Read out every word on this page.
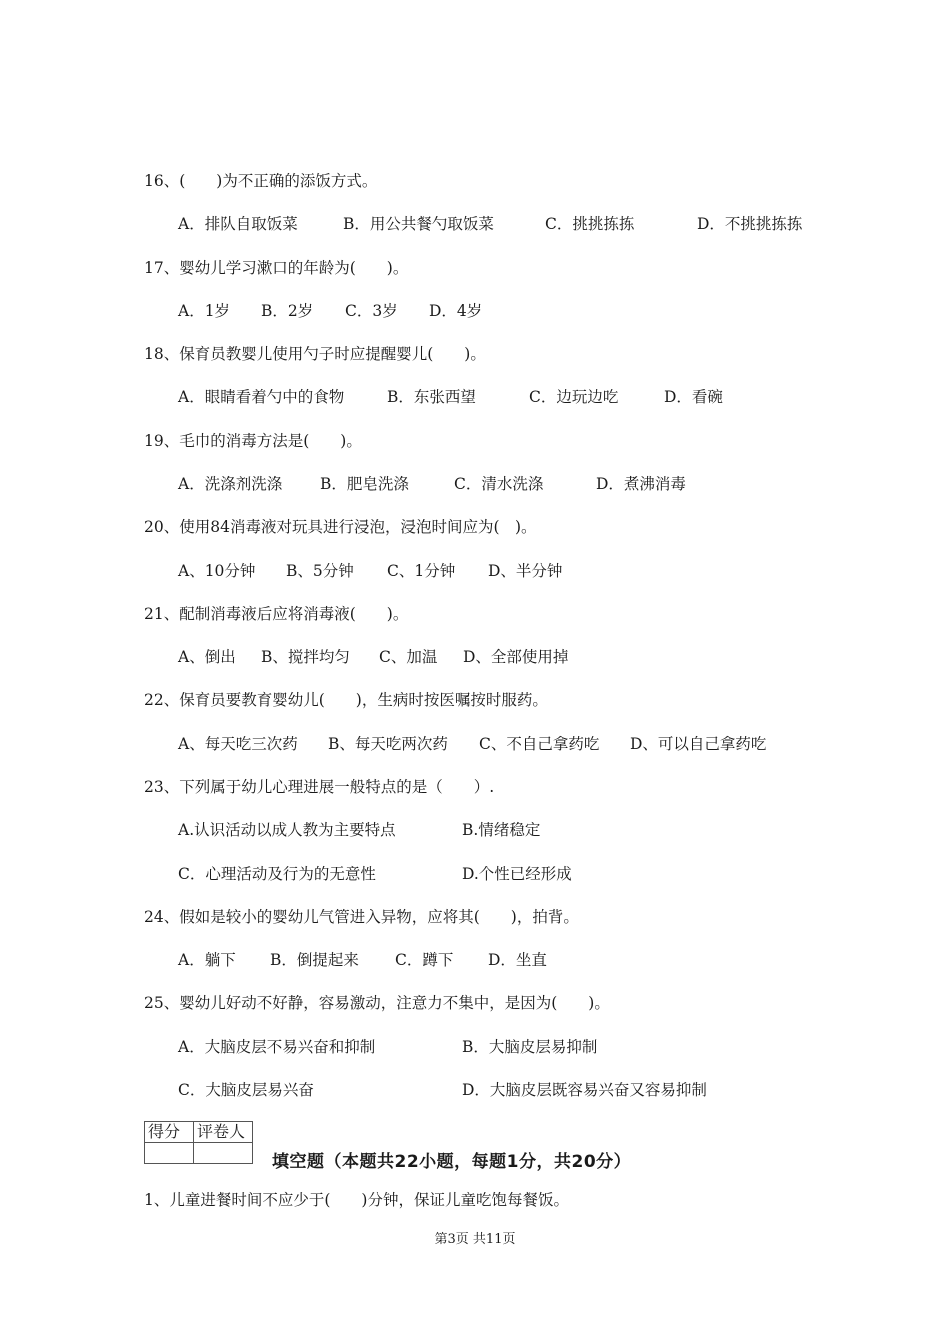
16、(　　)为不正确的添饭方式。
A．排队自取饭菜	B．用公共餐勺取饭菜	C．挑挑拣拣	D．不挑挑拣拣
17、婴幼儿学习漱口的年龄为(　　)。
A．1岁 B．2岁 C．3岁 D．4岁
18、保育员教婴儿使用勺子时应提醒婴儿(　　)。
A．眼睛看着勺中的食物	B．东张西望	C．边玩边吃	D．看碗
19、毛巾的消毒方法是(　　)。
A．洗涤剂洗涤 B．肥皂洗涤	C．清水洗涤	D．煮沸消毒
20、使用84消毒液对玩具进行浸泡，浸泡时间应为(　)。
A、10分钟 B、5分钟 C、1分钟 D、半分钟
21、配制消毒液后应将消毒液(　　)。
A、倒出 B、搅拌均匀 C、加温 D、全部使用掉
22、保育员要教育婴幼儿(　　)，生病时按医嘱按时服药。
A、每天吃三次药 B、每天吃两次药 C、不自己拿药吃 D、可以自己拿药吃
23、下列属于幼儿心理进展一般特点的是（　　）.
A.认识活动以成人教为主要特点	B.情绪稳定
C．心理活动及行为的无意性	D.个性已经形成
24、假如是较小的婴幼儿气管进入异物，应将其(　　)，拍背。
A．躺下 B．倒提起来 C．蹲下 D．坐直
25、婴幼儿好动不好静，容易激动，注意力不集中，是因为(　　)。
A．大脑皮层不易兴奋和抑制	B．大脑皮层易抑制
C．大脑皮层易兴奋	D．大脑皮层既容易兴奋又容易抑制
得分	评卷人

填空题（本题共22小题，每题1分，共20分）
1、儿童进餐时间不应少于(　　)分钟，保证儿童吃饱每餐饭。
第3页 共11页
